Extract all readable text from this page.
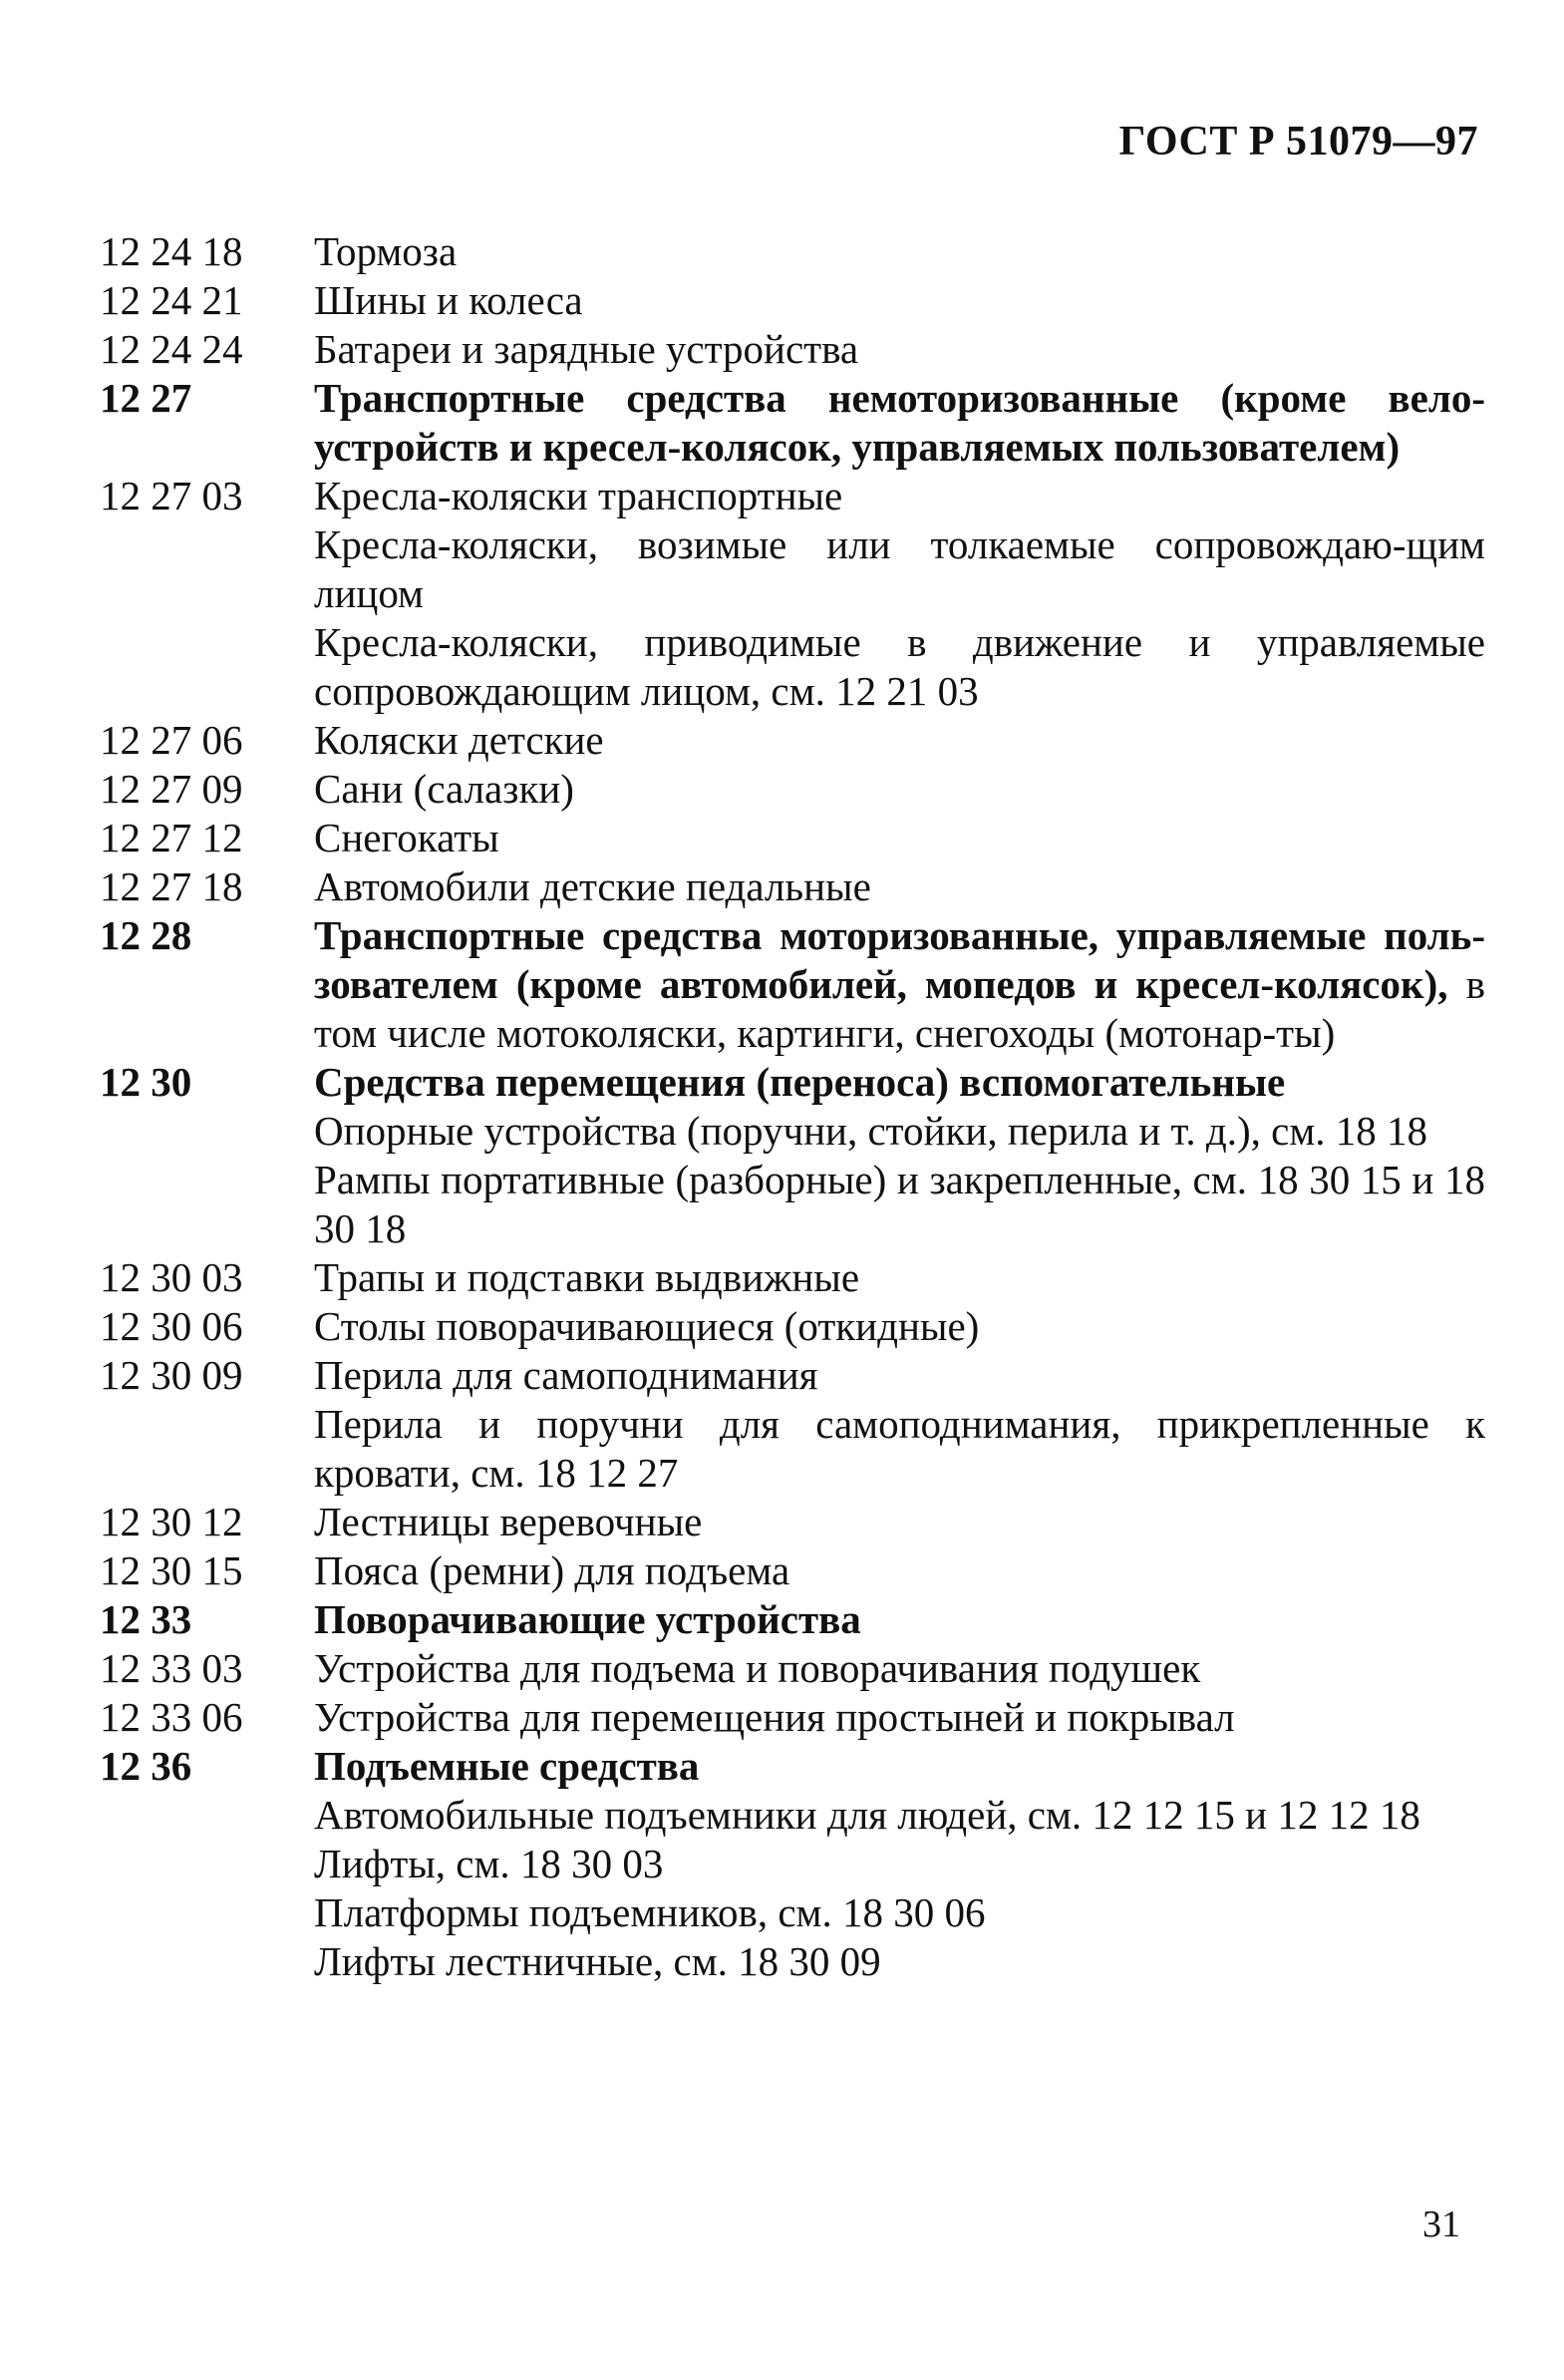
ГОСТ Р 51079—97
12 24 18	Тормоза
12 24 21	Шины и колеса
12 24 24	Батареи и зарядные устройства
12 27	Транспортные средства немоторизованные (кроме вело-устройств и кресел-колясок, управляемых пользователем)
12 27 03	Кресла-коляски транспортные
Кресла-коляски, возимые или толкаемые сопровождаю-щим лицом
Кресла-коляски, приводимые в движение и управляемые сопровождающим лицом, см. 12 21 03
12 27 06	Коляски детские
12 27 09	Сани (салазки)
12 27 12	Снегокаты
12 27 18	Автомобили детские педальные
12 28	Транспортные средства моторизованные, управляемые поль-зователем (кроме автомобилей, мопедов и кресел-колясок), в том числе мотоколяски, картинги, снегоходы (мотонар-ты)
12 30	Средства перемещения (переноса) вспомогательные
Опорные устройства (поручни, стойки, перила и т. д.), см. 18 18
Рампы портативные (разборные) и закрепленные, см. 18 30 15 и 18 30 18
12 30 03	Трапы и подставки выдвижные
12 30 06	Столы поворачивающиеся (откидные)
12 30 09	Перила для самоподнимания
Перила и поручни для самоподнимания, прикрепленные к кровати, см. 18 12 27
12 30 12	Лестницы веревочные
12 30 15	Пояса (ремни) для подъема
12 33	Поворачивающие устройства
12 33 03	Устройства для подъема и поворачивания подушек
12 33 06	Устройства для перемещения простыней и покрывал
12 36	Подъемные средства
Автомобильные подъемники для людей, см. 12 12 15 и 12 12 18
Лифты, см. 18 30 03
Платформы подъемников, см. 18 30 06
Лифты лестничные, см. 18 30 09
31
